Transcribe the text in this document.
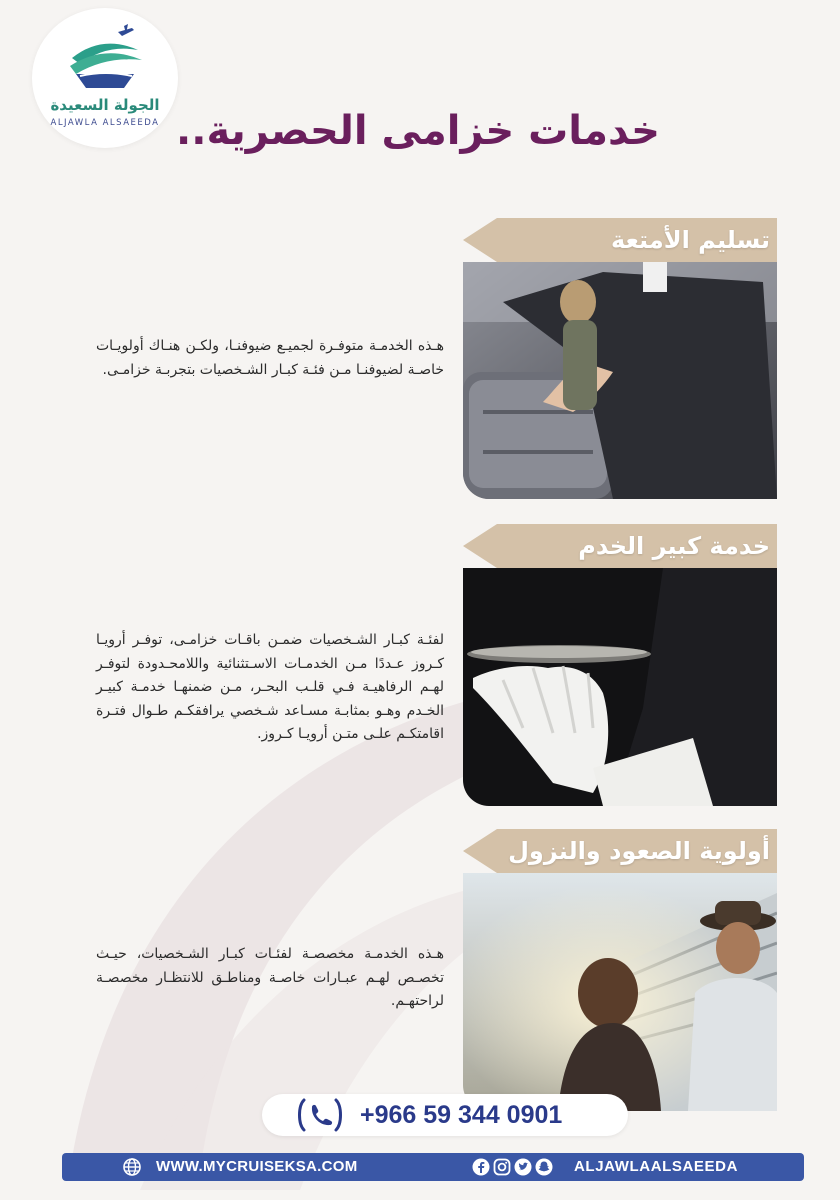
الجولة السعيدة
ALJAWLA ALSAEEDA خدمات خزامى الحصرية..
تسليم الأمتعة
هـذه الخدمـة متوفـرة لجميـع ضيوفنـا، ولكـن هنـاك أولويـات خاصـة لضيوفنـا مـن فئـة كبـار الشـخصيات بتجربـة خزامـى.
خدمة كبير الخدم
لفئـة كبـار الشـخصيات ضمـن باقـات خزامـى، توفـر أرويـا كـروز عـددًا مـن الخدمـات الاسـتثنائية واللامحـدودة لتوفـر لهـم الرفاهيـة فـي قلـب البحـر، مـن ضمنهـا خدمـة كبيـر الخـدم وهـو بمثابـة مسـاعد شـخصي يرافقكـم طـوال فتـرة اقامتكـم علـى متـن أرويـا كـروز.
أولوية الصعود والنزول
هـذه الخدمـة مخصصـة لفئـات كبـار الشـخصيات، حيـث تخصـص لهـم عبـارات خاصـة ومناطـق للانتظـار مخصصـة لراحتهـم.
+966 59 344 0901
WWW.MYCRUISEKSA.COM	ALJAWLAALSAEEDA
